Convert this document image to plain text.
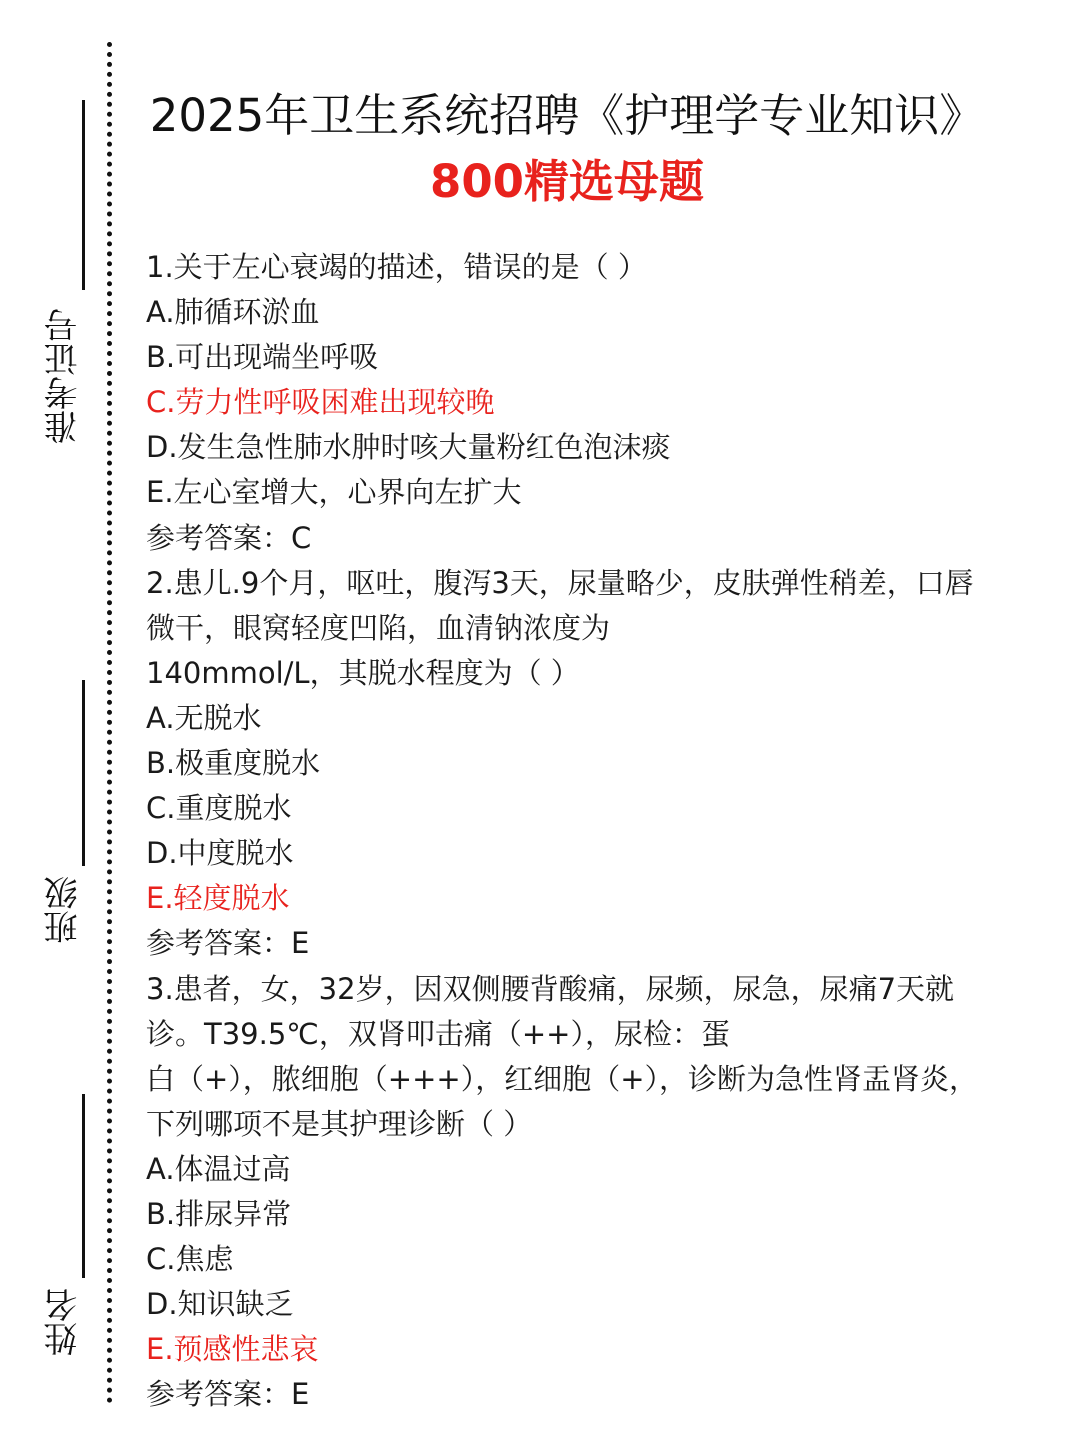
准考证号
班级
姓名
2025年卫生系统招聘《护理学专业知识》
800精选母题
1.关于左心衰竭的描述，错误的是（ ）
A.肺循环淤血
B.可出现端坐呼吸
C.劳力性呼吸困难出现较晚
D.发生急性肺水肿时咳大量粉红色泡沫痰
E.左心室增大，心界向左扩大
参考答案：C
2.患儿.9个月，呕吐，腹泻3天，尿量略少，皮肤弹性稍差，口唇
微干，眼窝轻度凹陷，血清钠浓度为
140mmol/L，其脱水程度为（ ）
A.无脱水
B.极重度脱水
C.重度脱水
D.中度脱水
E.轻度脱水
参考答案：E
3.患者，女，32岁，因双侧腰背酸痛，尿频，尿急，尿痛7天就
诊。T39.5℃，双肾叩击痛（++），尿检：蛋
白（+），脓细胞（+++），红细胞（+），诊断为急性肾盂肾炎，
下列哪项不是其护理诊断（ ）
A.体温过高
B.排尿异常
C.焦虑
D.知识缺乏
E.预感性悲哀
参考答案：E
